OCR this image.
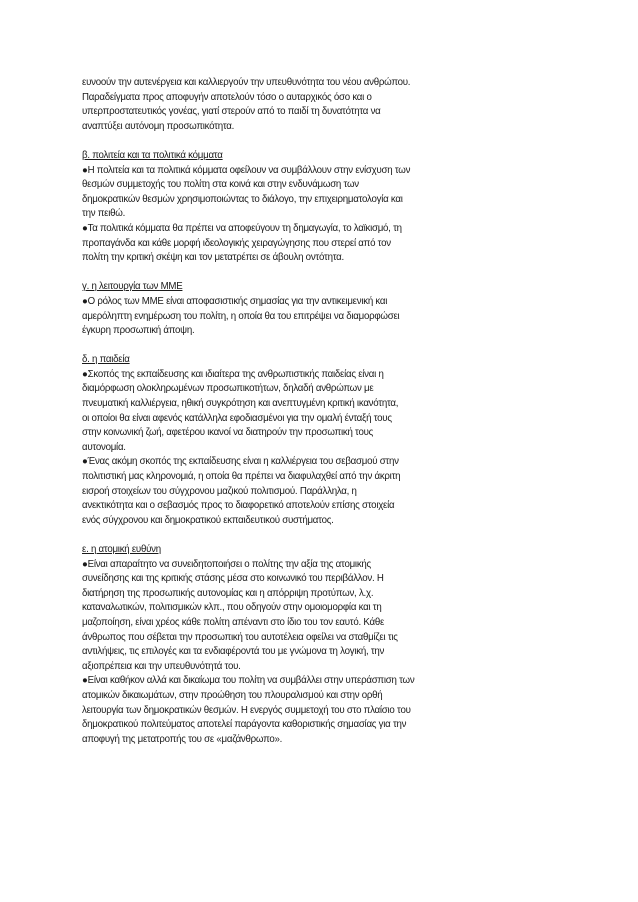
ευνοούν την αυτενέργεια και καλλιεργούν την υπευθυνότητα του νέου ανθρώπου.
Παραδείγματα προς αποφυγήν αποτελούν τόσο ο αυταρχικός όσο και ο
υπερπροστατευτικός γονέας, γιατί στερούν από το παιδί τη δυνατότητα να
αναπτύξει αυτόνομη προσωπικότητα.
β. πολιτεία και τα πολιτικά κόμματα
●Η πολιτεία και τα πολιτικά κόμματα οφείλουν να συμβάλλουν στην ενίσχυση των
θεσμών συμμετοχής του πολίτη στα κοινά και στην ενδυνάμωση των
δημοκρατικών θεσμών χρησιμοποιώντας το διάλογο, την επιχειρηματολογία και
την πειθώ.
●Τα πολιτικά κόμματα θα πρέπει να αποφεύγουν τη δημαγωγία, το λαϊκισμό, τη
προπαγάνδα και κάθε μορφή ιδεολογικής χειραγώγησης που στερεί από τον
πολίτη την κριτική σκέψη και τον μετατρέπει σε άβουλη οντότητα.
γ. η λειτουργία των ΜΜΕ
●Ο ρόλος των ΜΜΕ είναι αποφασιστικής σημασίας για την αντικειμενική και
αμερόληπτη ενημέρωση του πολίτη, η οποία θα του επιτρέψει να διαμορφώσει
έγκυρη προσωπική άποψη.
δ. η παιδεία
●Σκοπός της εκπαίδευσης και ιδιαίτερα της ανθρωπιστικής παιδείας είναι η
διαμόρφωση ολοκληρωμένων προσωπικοτήτων, δηλαδή ανθρώπων με
πνευματική καλλιέργεια, ηθική συγκρότηση και ανεπτυγμένη κριτική ικανότητα,
οι οποίοι θα είναι αφενός κατάλληλα εφοδιασμένοι για την ομαλή ένταξή τους
στην κοινωνική ζωή, αφετέρου ικανοί να διατηρούν την προσωπική τους
αυτονομία.
●Ένας ακόμη σκοπός της εκπαίδευσης είναι η καλλιέργεια του σεβασμού στην
πολιτιστική μας κληρονομιά, η οποία θα πρέπει να διαφυλαχθεί από την άκριτη
εισροή στοιχείων του σύγχρονου μαζικού πολιτισμού. Παράλληλα, η
ανεκτικότητα και ο σεβασμός προς το διαφορετικό αποτελούν επίσης στοιχεία
ενός σύγχρονου και δημοκρατικού εκπαιδευτικού συστήματος.
ε. η ατομική ευθύνη
●Είναι απαραίτητο να συνειδητοποιήσει ο πολίτης την αξία της ατομικής
συνείδησης και της κριτικής στάσης μέσα στο κοινωνικό του περιβάλλον. Η
διατήρηση της προσωπικής αυτονομίας και η απόρριψη προτύπων, λ.χ.
καταναλωτικών, πολιτισμικών κλπ., που οδηγούν στην ομοιομορφία και τη
μαζοποίηση, είναι χρέος κάθε πολίτη απέναντι στο ίδιο του τον εαυτό. Κάθε
άνθρωπος που σέβεται την προσωπική του αυτοτέλεια οφείλει να σταθμίζει τις
αντιλήψεις, τις επιλογές και τα ενδιαφέροντά του με γνώμονα τη λογική, την
αξιοπρέπεια και την υπευθυνότητά του.
●Είναι καθήκον αλλά και δικαίωμα του πολίτη να συμβάλλει στην υπεράσπιση των
ατομικών δικαιωμάτων, στην προώθηση του πλουραλισμού και στην ορθή
λειτουργία των δημοκρατικών θεσμών. Η ενεργός συμμετοχή του στο πλαίσιο του
δημοκρατικού πολιτεύματος αποτελεί παράγοντα καθοριστικής σημασίας για την
αποφυγή της μετατροπής του σε «μαζάνθρωπο».
